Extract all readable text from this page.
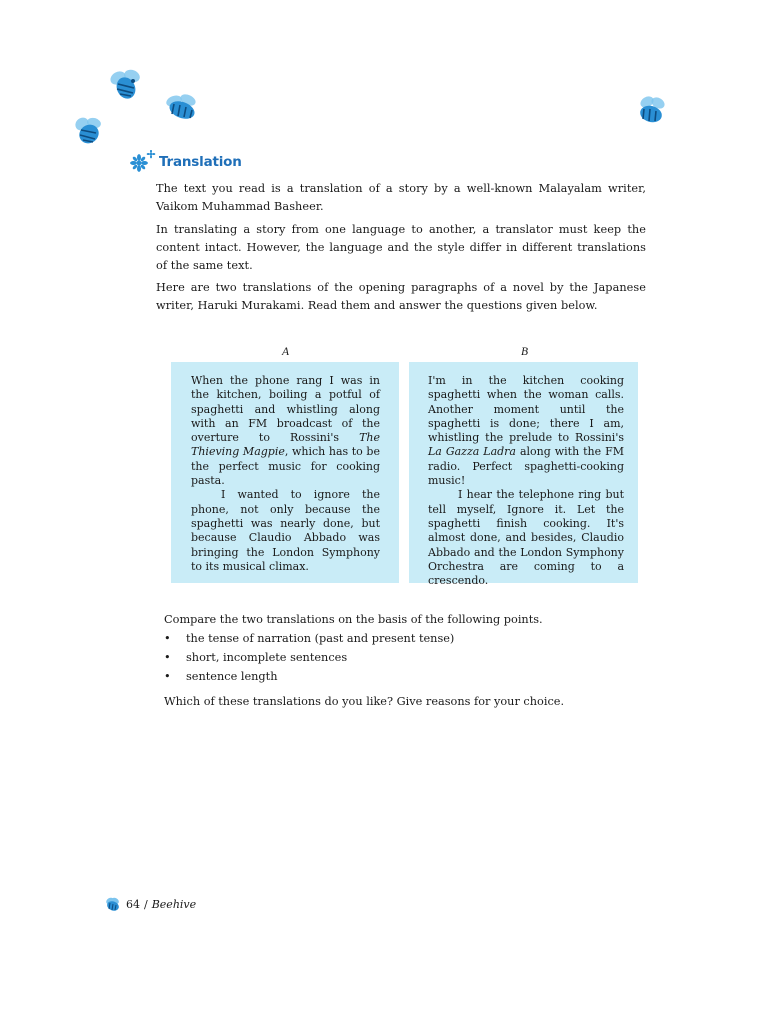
Translation
The text you read is a translation of a story by a well-known Malayalam writer, Vaikom Muhammad Basheer.
In translating a story from one language to another, a translator must keep the content intact. However, the language and the style differ in different translations of the same text.
Here are two translations of the opening paragraphs of a novel by the Japanese writer, Haruki Murakami. Read them and answer the questions given below.
A	B

When the phone rang I was in the kitchen, boiling a potful of spaghetti and whistling along with an FM broadcast of the overture to Rossini's The Thieving Magpie, which has to be the perfect music for cooking pasta.

I wanted to ignore the phone, not only because the spaghetti was nearly done, but because Claudio Abbado was bringing the London Symphony to its musical climax.

I'm in the kitchen cooking spaghetti when the woman calls. Another moment until the spaghetti is done; there I am, whistling the prelude to Rossini's La Gazza Ladra along with the FM radio. Perfect spaghetti-cooking music!

I hear the telephone ring but tell myself, Ignore it. Let the spaghetti finish cooking. It's almost done, and besides, Claudio Abbado and the London Symphony Orchestra are coming to a crescendo.

Compare the two translations on the basis of the following points.
•	the tense of narration (past and present tense)
•	short, incomplete sentences
•	sentence length
Which of these translations do you like? Give reasons for your choice.
64 / Beehive
